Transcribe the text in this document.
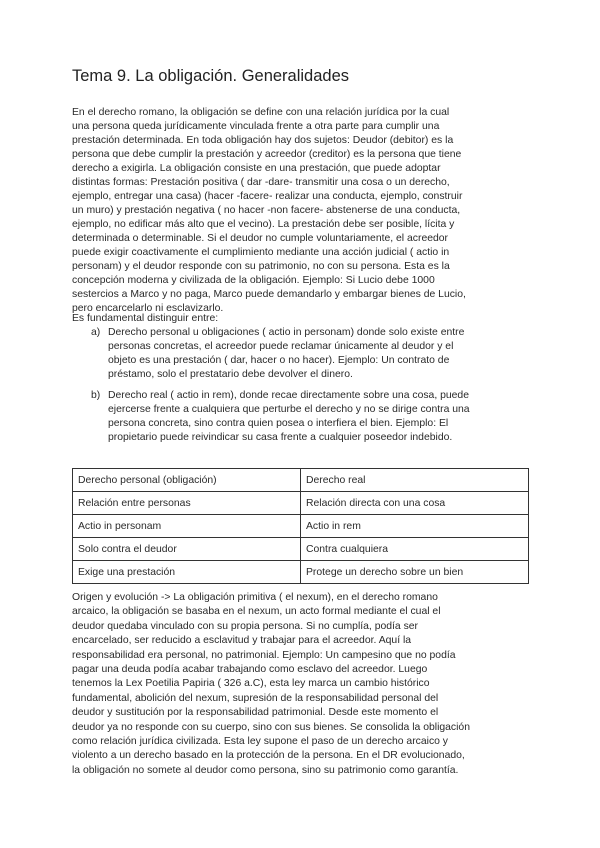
Tema 9. La obligación. Generalidades
En el derecho romano, la obligación se define con una relación jurídica por la cual
una persona queda jurídicamente vinculada frente a otra parte para cumplir una
prestación determinada. En toda obligación hay dos sujetos: Deudor (debitor) es la
persona que debe cumplir la prestación y acreedor (creditor) es la persona que tiene
derecho a exigirla. La obligación consiste en una prestación, que puede adoptar
distintas formas: Prestación positiva ( dar -dare- transmitir una cosa o un derecho,
ejemplo, entregar una casa) (hacer -facere- realizar una conducta, ejemplo, construir
un muro) y prestación negativa ( no hacer -non facere- abstenerse de una conducta,
ejemplo, no edificar más alto que el vecino). La prestación debe ser posible, lícita y
determinada o determinable. Si el deudor no cumple voluntariamente, el acreedor
puede exigir coactivamente el cumplimiento mediante una acción judicial ( actio in
personam) y el deudor responde con su patrimonio, no con su persona. Esta es la
concepción moderna y civilizada de la obligación. Ejemplo: Si Lucio debe 1000
sestercios a Marco y no paga, Marco puede demandarlo y embargar bienes de Lucio,
pero encarcelarlo ni esclavizarlo.
Es fundamental distinguir entre:
a) Derecho personal u obligaciones ( actio in personam) donde solo existe entre
personas concretas, el acreedor puede reclamar únicamente al deudor y el
objeto es una prestación ( dar, hacer o no hacer). Ejemplo: Un contrato de
préstamo, solo el prestatario debe devolver el dinero.
b) Derecho real ( actio in rem), donde recae directamente sobre una cosa, puede
ejercerse frente a cualquiera que perturbe el derecho y no se dirige contra una
persona concreta, sino contra quien posea o interfiera el bien. Ejemplo: El
propietario puede reivindicar su casa frente a cualquier poseedor indebido.
Derecho personal (obligación)	Derecho real
Relación entre personas	Relación directa con una cosa
Actio in personam	Actio in rem
Solo contra el deudor	Contra cualquiera
Exige una prestación	Protege un derecho sobre un bien
Origen y evolución -> La obligación primitiva ( el nexum), en el derecho romano
arcaico, la obligación se basaba en el nexum, un acto formal mediante el cual el
deudor quedaba vinculado con su propia persona. Si no cumplía, podía ser
encarcelado, ser reducido a esclavitud y trabajar para el acreedor. Aquí la
responsabilidad era personal, no patrimonial. Ejemplo: Un campesino que no podía
pagar una deuda podía acabar trabajando como esclavo del acreedor. Luego
tenemos la Lex Poetilia Papiria ( 326 a.C), esta ley marca un cambio histórico
fundamental, abolición del nexum, supresión de la responsabilidad personal del
deudor y sustitución por la responsabilidad patrimonial. Desde este momento el
deudor ya no responde con su cuerpo, sino con sus bienes. Se consolida la obligación
como relación jurídica civilizada. Esta ley supone el paso de un derecho arcaico y
violento a un derecho basado en la protección de la persona. En el DR evolucionado,
la obligación no somete al deudor como persona, sino su patrimonio como garantía.
